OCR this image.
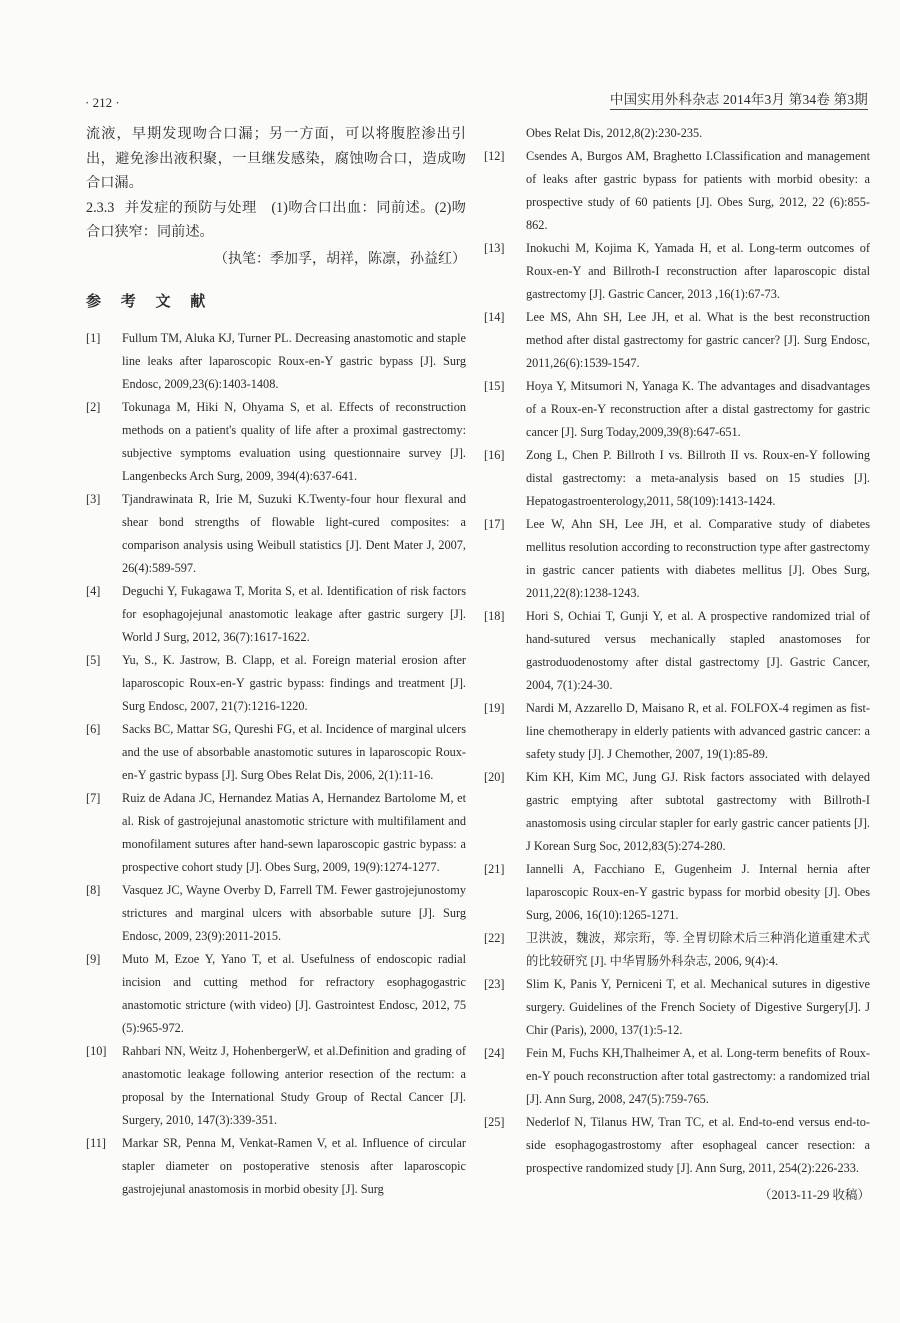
· 212 ·	中国实用外科杂志 2014年3月 第34卷 第3期

流液，早期发现吻合口漏；另一方面，可以将腹腔渗出引出，避免渗出液积聚，一旦继发感染，腐蚀吻合口，造成吻合口漏。

2.3.3 并发症的预防与处理　(1)吻合口出血：同前述。(2)吻合口狭窄：同前述。

（执笔：季加孚，胡祥，陈凛，孙益红）

参 考 文 献
[1]	Fullum TM, Aluka KJ, Turner PL. Decreasing anastomotic and staple line leaks after laparoscopic Roux-en-Y gastric bypass [J]. Surg Endosc, 2009,23(6):1403-1408.
[2]	Tokunaga M, Hiki N, Ohyama S, et al. Effects of reconstruction methods on a patient's quality of life after a proximal gastrectomy: subjective symptoms evaluation using questionnaire survey [J]. Langenbecks Arch Surg, 2009, 394(4):637-641.
[3]	Tjandrawinata R, Irie M, Suzuki K.Twenty-four hour flexural and shear bond strengths of flowable light-cured composites: a comparison analysis using Weibull statistics [J]. Dent Mater J, 2007, 26(4):589-597.
[4]	Deguchi Y, Fukagawa T, Morita S, et al. Identification of risk factors for esophagojejunal anastomotic leakage after gastric surgery [J]. World J Surg, 2012, 36(7):1617-1622.
[5]	Yu, S., K. Jastrow, B. Clapp, et al. Foreign material erosion after laparoscopic Roux-en-Y gastric bypass: findings and treatment [J]. Surg Endosc, 2007, 21(7):1216-1220.
[6]	Sacks BC, Mattar SG, Qureshi FG, et al. Incidence of marginal ulcers and the use of absorbable anastomotic sutures in laparoscopic Roux-en-Y gastric bypass [J]. Surg Obes Relat Dis, 2006, 2(1):11-16.
[7]	Ruiz de Adana JC, Hernandez Matias A, Hernandez Bartolome M, et al. Risk of gastrojejunal anastomotic stricture with multifilament and monofilament sutures after hand-sewn laparoscopic gastric bypass: a prospective cohort study [J]. Obes Surg, 2009, 19(9):1274-1277.
[8]	Vasquez JC, Wayne Overby D, Farrell TM. Fewer gastrojejunostomy strictures and marginal ulcers with absorbable suture [J]. Surg Endosc, 2009, 23(9):2011-2015.
[9]	Muto M, Ezoe Y, Yano T, et al. Usefulness of endoscopic radial incision and cutting method for refractory esophagogastric anastomotic stricture (with video) [J]. Gastrointest Endosc, 2012, 75 (5):965-972.
[10]	Rahbari NN, Weitz J, HohenbergerW, et al.Definition and grading of anastomotic leakage following anterior resection of the rectum: a proposal by the International Study Group of Rectal Cancer [J]. Surgery, 2010, 147(3):339-351.
[11]	Markar SR, Penna M, Venkat-Ramen V, et al. Influence of circular stapler diameter on postoperative stenosis after laparoscopic gastrojejunal anastomosis in morbid obesity [J]. Surg
Obes Relat Dis, 2012,8(2):230-235.
[12]	Csendes A, Burgos AM, Braghetto I.Classification and management of leaks after gastric bypass for patients with morbid obesity: a prospective study of 60 patients [J]. Obes Surg, 2012, 22 (6):855-862.
[13]	Inokuchi M, Kojima K, Yamada H, et al. Long-term outcomes of Roux-en-Y and Billroth-I reconstruction after laparoscopic distal gastrectomy [J]. Gastric Cancer, 2013 ,16(1):67-73.
[14]	Lee MS, Ahn SH, Lee JH, et al. What is the best reconstruction method after distal gastrectomy for gastric cancer? [J]. Surg Endosc, 2011,26(6):1539-1547.
[15]	Hoya Y, Mitsumori N, Yanaga K. The advantages and disadvantages of a Roux-en-Y reconstruction after a distal gastrectomy for gastric cancer [J]. Surg Today,2009,39(8):647-651.
[16]	Zong L, Chen P. Billroth I vs. Billroth II vs. Roux-en-Y following distal gastrectomy: a meta-analysis based on 15 studies [J]. Hepatogastroenterology,2011, 58(109):1413-1424.
[17]	Lee W, Ahn SH, Lee JH, et al. Comparative study of diabetes mellitus resolution according to reconstruction type after gastrectomy in gastric cancer patients with diabetes mellitus [J]. Obes Surg, 2011,22(8):1238-1243.
[18]	Hori S, Ochiai T, Gunji Y, et al. A prospective randomized trial of hand-sutured versus mechanically stapled anastomoses for gastroduodenostomy after distal gastrectomy [J]. Gastric Cancer, 2004, 7(1):24-30.
[19]	Nardi M, Azzarello D, Maisano R, et al. FOLFOX-4 regimen as fist-line chemotherapy in elderly patients with advanced gastric cancer: a safety study [J]. J Chemother, 2007, 19(1):85-89.
[20]	Kim KH, Kim MC, Jung GJ. Risk factors associated with delayed gastric emptying after subtotal gastrectomy with Billroth-I anastomosis using circular stapler for early gastric cancer patients [J]. J Korean Surg Soc, 2012,83(5):274-280.
[21]	Iannelli A, Facchiano E, Gugenheim J. Internal hernia after laparoscopic Roux-en-Y gastric bypass for morbid obesity [J]. Obes Surg, 2006, 16(10):1265-1271.
[22]	卫洪波，魏波，郑宗珩，等. 全胃切除术后三种消化道重建术式的比较研究 [J]. 中华胃肠外科杂志, 2006, 9(4):4.
[23]	Slim K, Panis Y, Perniceni T, et al. Mechanical sutures in digestive surgery. Guidelines of the French Society of Digestive Surgery[J]. J Chir (Paris), 2000, 137(1):5-12.
[24]	Fein M, Fuchs KH,Thalheimer A, et al. Long-term benefits of Roux-en-Y pouch reconstruction after total gastrectomy: a randomized trial [J]. Ann Surg, 2008, 247(5):759-765.
[25]	Nederlof N, Tilanus HW, Tran TC, et al. End-to-end versus end-to-side esophagogastrostomy after esophageal cancer resection: a prospective randomized study [J]. Ann Surg, 2011, 254(2):226-233.
（2013-11-29 收稿）
